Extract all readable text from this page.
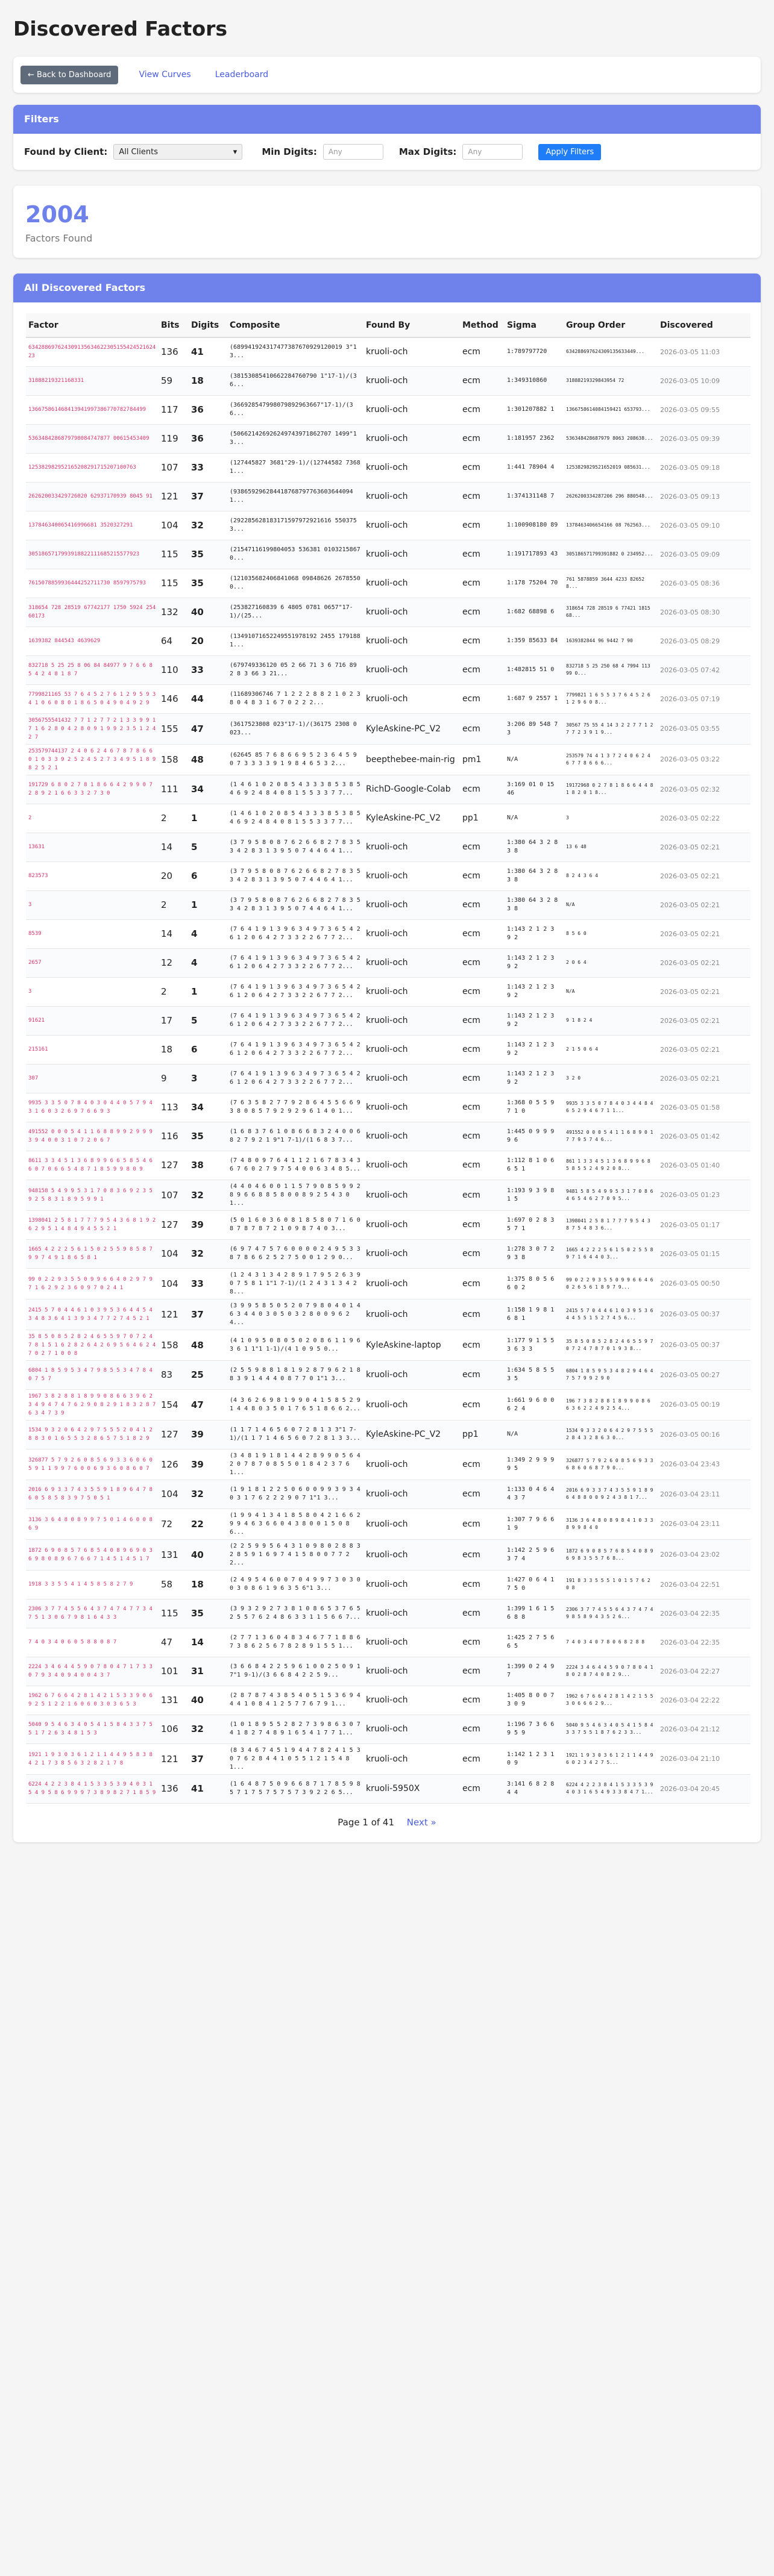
Discovered Factors
← Back to Dashboard	View Curves	Leaderboard
Filters
Found by Client: All Clients	▾	Min Digits:	Any	Max Digits:	Any	Apply Filters
2004
Factors Found
All Discovered Factors
Factor	Bits	Digits	Composite	Found By	Method	Sigma	Group Order	Discovered
63428869762430913563462230515542452162423	136	41	(689941924317477387670929120019 3"13...	kruoli-och	ecm	1:789797720	634288697624309135633449...	2026-03-05 11:03
31888219321168331	59	18	(38153085410662284760790 1"17-1)/(36...	kruoli-och	ecm	1:349310860	31888219329843954 72	2026-03-05 10:09
136675861468413941997386770782784499	117	36	(366928547998079892963667"17-1)/(36...	kruoli-och	ecm	1:301207882 1	1366758614084159421 653793...	2026-03-05 09:55
5363484286879798084747877 00615453409	119	36	(506621426926249743971862707 1499"13...	kruoli-och	ecm	1:181957 2362	536348428687979 8063 208638...	2026-03-05 09:39
125382982952165208291715207100763	107	33	(127445827 3681"29-1)/(12744582 73681...	kruoli-och	ecm	1:441 78904 4	1253829829521652019 085631...	2026-03-05 09:18
262620033429726020 62937170939 8045 91	121	37	(9386592962844187687977636036440941...	kruoli-och	ecm	1:374131148 7	2626200334287206 296 880548...	2026-03-05 09:13
137846340065416996681 3520327291	104	32	(292285628183171597972921616 5503753...	kruoli-och	ecm	1:100908180 89	1378463406654166 08 762563...	2026-03-05 09:10
3051865717993918822111685215577923	115	35	(21547116199804053 536381 01032158670...	kruoli-och	ecm	1:191717893 43	305186571799391882 0 234952...	2026-03-05 09:09
7615078859936444252711730 8597975793	115	35	(121035682406841068 09848626 26785500...	kruoli-och	ecm	1:178 75204 70	761 5878859 3644 4233 826528...	2026-03-05 08:36
318654 728 28519 67742177 1750 5924 25460173	132	40	(253827160839 6 4805 0781 0657"17-1)/(25...	kruoli-och	ecm	1:682 68898 6	318654 728 28519 6 77421 1815 68...	2026-03-05 08:30
1639382 844543 4639629	64	20	(13491071652249551978192 2455 1791881...	kruoli-och	ecm	1:359 85633 84	1639382844 96 9442 7 90	2026-03-05 08:29
832718 5 25 25 8 06 84 84977 9 7 6 6 8 5 4 2 4 8 1 8 7	110	33	(679749336120 05 2 66 71 3 6 716 89 2 8 3 66 3 21...	kruoli-och	ecm	1:482815 51 0	832718 5 25 250 68 4 7994 113 99 0...	2026-03-05 07:42
7799821165 53 7 6 4 5 2 7 6 1 2 9 5 9 3 4 1 0 6 0 8 0 1 8 6 5 0 4 9 0 4 9 2 9	146	44	(11689306746 7 1 2 2 2 8 8 2 1 0 2 3 8 0 4 8 3 1 6 7 0 2 2 2...	kruoli-och	ecm	1:687 9 2557 1	7799821 1 6 5 5 3 7 6 4 5 2 6 1 2 9 6 0 8...	2026-03-05 07:19
3056755541432 7 7 1 2 7 7 2 1 3 3 9 9 1 7 1 6 2 8 0 4 2 8 0 9 1 9 9 2 3 5 1 2 4 2 7	155	47	(3617523808 023"17-1)/(36175 2308 0 023...	KyleAskine-PC_V2	ecm	3:206 89 548 73	30567 75 55 4 14 3 2 2 7 7 1 2 7 7 2 3 9 1 9...	2026-03-05 03:55
253579744137 2 4 0 6 2 4 6 7 8 7 8 6 6 0 1 0 3 3 9 2 5 2 4 5 2 7 3 4 9 5 1 8 9 8 2 5 2 1	158	48	(62645 85 7 6 8 6 6 9 5 2 3 6 4 5 9 0 7 3 3 3 3 9 1 9 8 4 6 5 3 2...	beepthebee-main-rig	pm1	N/A	253579 74 4 1 3 7 2 4 0 6 2 4 6 7 7 8 6 6 6...	2026-03-05 03:22
191729 6 8 0 2 7 8 1 8 6 6 4 2 9 9 0 7 2 8 9 2 1 6 6 3 3 2 7 3 0	111	34	(1 4 6 1 0 2 0 8 5 4 3 3 3 8 5 3 8 5 4 6 9 2 4 8 4 0 8 1 5 5 3 3 7 7...	RichD-Google-Colab	ecm	3:169 01 0 15 46	19172968 0 2 7 8 1 8 6 6 4 4 8 1 8 2 0 1 8...	2026-03-05 02:32
2	2	1	(1 4 6 1 0 2 0 8 5 4 3 3 3 8 5 3 8 5 4 6 9 2 4 8 4 0 8 1 5 5 3 3 7 7...	KyleAskine-PC_V2	pp1	N/A	3	2026-03-05 02:22
13631	14	5	(3 7 9 5 8 0 8 7 6 2 6 6 8 2 7 8 3 5 3 4 2 8 3 1 3 9 5 0 7 4 4 6 4 1...	kruoli-och	ecm	1:380 64 3 2 8 3 8	13 6 48	2026-03-05 02:21
823573	20	6	(3 7 9 5 8 0 8 7 6 2 6 6 8 2 7 8 3 5 3 4 2 8 3 1 3 9 5 0 7 4 4 6 4 1...	kruoli-och	ecm	1:380 64 3 2 8 3 8	8 2 4 3 6 4	2026-03-05 02:21
3	2	1	(3 7 9 5 8 0 8 7 6 2 6 6 8 2 7 8 3 5 3 4 2 8 3 1 3 9 5 0 7 4 4 6 4 1...	kruoli-och	ecm	1:380 64 3 2 8 3 8	N/A	2026-03-05 02:21
8539	14	4	(7 6 4 1 9 1 3 9 6 3 4 9 7 3 6 5 4 2 6 1 2 0 6 4 2 7 3 3 2 2 6 7 7 2...	kruoli-och	ecm	1:143 2 1 2 3 9 2	8 5 6 0	2026-03-05 02:21
2657	12	4	(7 6 4 1 9 1 3 9 6 3 4 9 7 3 6 5 4 2 6 1 2 0 6 4 2 7 3 3 2 2 6 7 7 2...	kruoli-och	ecm	1:143 2 1 2 3 9 2	2 0 6 4	2026-03-05 02:21
3	2	1	(7 6 4 1 9 1 3 9 6 3 4 9 7 3 6 5 4 2 6 1 2 0 6 4 2 7 3 3 2 2 6 7 7 2...	kruoli-och	ecm	1:143 2 1 2 3 9 2	N/A	2026-03-05 02:21
91621	17	5	(7 6 4 1 9 1 3 9 6 3 4 9 7 3 6 5 4 2 6 1 2 0 6 4 2 7 3 3 2 2 6 7 7 2...	kruoli-och	ecm	1:143 2 1 2 3 9 2	9 1 8 2 4	2026-03-05 02:21
215161	18	6	(7 6 4 1 9 1 3 9 6 3 4 9 7 3 6 5 4 2 6 1 2 0 6 4 2 7 3 3 2 2 6 7 7 2...	kruoli-och	ecm	1:143 2 1 2 3 9 2	2 1 5 0 6 4	2026-03-05 02:21
307	9	3	(7 6 4 1 9 1 3 9 6 3 4 9 7 3 6 5 4 2 6 1 2 0 6 4 2 7 3 3 2 2 6 7 7 2...	kruoli-och	ecm	1:143 2 1 2 3 9 2	3 2 0	2026-03-05 02:21
9935 3 3 5 0 7 8 4 0 3 0 4 4 0 5 7 9 4 3 1 6 0 3 2 6 9 7 6 6 9 3	113	34	(7 6 3 5 8 2 7 7 9 2 8 6 4 5 5 6 6 9 3 8 0 8 5 7 9 2 9 2 9 6 1 4 0 1...	kruoli-och	ecm	1:368 0 5 5 9 7 1 0	9935 3 3 5 0 7 8 4 0 3 4 4 8 4 6 5 2 9 4 6 7 1 1...	2026-03-05 01:58
491552 0 0 0 5 4 1 1 6 8 8 9 9 2 9 9 9 3 9 4 0 0 3 1 0 7 2 0 6 7	116	35	(1 6 8 3 7 6 1 0 8 6 6 8 3 2 4 0 0 6 8 2 7 9 2 1 9"1 7-1)/(1 6 8 3 7...	kruoli-och	ecm	1:445 0 9 9 9 9 6	491552 0 0 0 5 4 1 1 6 8 9 0 1 7 7 9 5 7 4 6...	2026-03-05 01:42
8611 3 3 4 5 1 3 6 8 9 9 6 6 5 8 5 4 6 6 0 7 0 6 6 5 4 8 7 1 8 5 9 9 8 0 9	127	38	(7 4 8 0 9 7 6 4 1 1 2 1 6 7 8 3 4 3 6 7 6 0 2 7 9 7 5 4 0 0 6 3 4 8 5...	kruoli-och	ecm	1:112 8 1 0 6 6 5 1	861 1 3 3 4 5 1 3 6 8 9 9 6 8 5 8 5 5 2 4 9 2 0 8...	2026-03-05 01:40
948158 5 4 9 9 5 3 1 7 0 8 3 6 9 2 3 5 9 2 5 8 3 1 8 9 5 9 9 1	107	32	(4 4 0 4 6 0 0 1 1 5 7 9 0 8 5 9 9 2 8 9 6 6 8 8 5 8 0 0 8 9 2 5 4 3 0 1...	kruoli-och	ecm	1:193 9 3 9 8 1 5	9481 5 8 5 4 9 9 5 3 1 7 0 8 6 4 6 5 4 6 2 7 0 9 5...	2026-03-05 01:23
1398041 2 5 8 1 7 7 7 9 5 4 3 6 8 1 9 2 6 2 9 5 1 4 8 4 9 4 5 5 2 1	127	39	(5 0 1 6 0 3 6 0 8 1 8 5 8 0 7 1 6 0 8 7 8 7 8 7 2 1 0 9 8 7 4 0 3...	kruoli-och	ecm	1:697 0 2 8 3 5 7 1	1398041 2 5 8 1 7 7 7 9 5 4 3 8 7 5 4 8 3 6...	2026-03-05 01:17
1665 4 2 2 2 5 6 1 5 0 2 5 5 9 8 5 8 7 9 9 7 4 9 1 8 6 5 8 1	104	32	(6 9 7 4 7 5 7 6 0 0 0 0 2 4 9 5 3 3 8 7 8 6 6 2 5 2 7 5 0 0 1 2 9 0...	kruoli-och	ecm	1:278 3 0 7 2 9 3 8	1665 4 2 2 2 5 6 1 5 0 2 5 5 8 9 7 1 6 4 4 0 3...	2026-03-05 01:15
99 0 2 2 9 3 5 5 0 9 9 6 6 4 0 2 9 7 9 7 1 6 2 9 2 3 6 0 9 7 0 2 4 1	104	33	(1 2 4 3 1 3 4 2 8 9 1 7 9 5 2 6 3 9 0 7 5 8 1 1"1 7-1)/(1 2 4 3 1 3 4 2 8...	kruoli-och	ecm	1:375 8 0 5 6 6 0 2	99 0 2 2 9 3 5 5 0 9 9 6 6 4 6 0 2 6 5 6 1 8 9 7 9...	2026-03-05 00:50
2415 5 7 0 4 4 6 1 0 3 9 5 3 6 4 4 5 4 3 4 8 3 6 4 1 3 9 3 4 7 7 2 7 4 5 2 1	121	37	(3 9 9 5 8 5 0 5 2 0 7 9 8 0 4 0 1 4 6 3 4 4 0 3 0 5 0 3 2 8 0 0 9 6 2 4...	kruoli-och	ecm	1:158 1 9 8 1 6 8 1	2415 5 7 0 4 4 6 1 0 3 9 5 3 6 4 4 5 5 1 5 2 7 4 5 6...	2026-03-05 00:37
35 8 5 0 8 5 2 8 2 4 6 5 5 9 7 0 7 2 4 7 8 1 5 1 6 2 8 2 6 4 2 6 9 5 6 4 6 2 4 7 0 2 7 1 0 0 8	158	48	(4 1 0 9 5 0 8 0 5 0 2 0 8 6 1 1 9 6 3 6 1 1"1 1-1)/(4 1 0 9 5 0...	KyleAskine-laptop	ecm	1:177 9 1 5 5 3 6 3 3	35 8 5 0 8 5 2 8 2 4 6 5 5 9 7 0 7 2 4 7 8 7 0 1 9 3 8...	2026-03-05 00:37
6804 1 8 5 9 5 3 4 7 9 8 5 5 3 4 7 8 4 0 7 5 7	83	25	(2 5 5 9 8 8 1 8 1 9 2 8 7 9 6 2 1 8 8 3 9 1 4 4 4 0 8 7 7 0 1"1 3...	kruoli-och	ecm	1:634 5 8 5 5 3 5	6804 1 8 5 9 5 3 4 8 2 9 4 6 4 7 5 7 9 9 2 9 0	2026-03-05 00:27
1967 3 8 2 8 8 1 8 9 9 0 8 6 6 3 9 6 2 3 4 9 4 7 4 7 6 2 9 0 8 2 9 1 8 3 2 8 7 6 3 4 7 3 9	154	47	(4 3 6 2 6 9 8 1 9 9 0 4 1 5 8 5 2 9 1 4 4 8 0 3 5 0 1 7 6 5 1 8 6 6 2...	kruoli-och	ecm	1:661 9 6 0 0 6 2 4	196 7 3 8 2 8 8 1 8 9 9 0 8 6 6 3 6 2 2 4 9 2 5 4...	2026-03-05 00:19
1534 9 3 2 0 6 4 2 9 7 5 5 5 2 0 4 1 2 8 8 3 0 1 6 5 5 3 2 8 6 5 7 5 1 8 2 9	127	39	(1 1 7 1 4 6 5 6 0 7 2 8 1 3 3"1 7-1)/(1 1 7 1 4 6 5 6 0 7 2 8 1 3 3...	KyleAskine-PC_V2	pp1	N/A	1534 9 3 3 2 0 6 4 2 9 7 5 5 5 2 8 4 3 2 8 6 3 0...	2026-03-05 00:16
326877 5 7 9 2 6 0 8 5 6 9 3 3 6 0 6 0 5 9 1 1 9 9 7 6 0 0 6 9 3 6 0 8 6 0 7	126	39	(3 4 8 1 9 1 8 1 4 4 2 8 9 9 0 5 6 4 2 0 7 8 7 0 8 5 5 0 1 8 4 2 3 7 6 1...	kruoli-och	ecm	1:349 2 9 9 9 9 5	326877 5 7 9 2 6 0 8 5 6 9 3 3 6 8 6 0 6 8 7 9 0...	2026-03-04 23:43
2016 6 9 3 3 7 4 3 5 5 9 1 8 9 6 4 7 8 6 0 5 8 5 8 3 9 7 5 0 5 1	104	32	(1 9 1 8 1 2 2 5 0 6 0 0 9 9 3 9 3 4 0 3 1 7 6 2 2 2 9 0 7 1"1 3...	kruoli-och	ecm	1:133 0 4 6 4 4 3 7	2016 6 9 3 3 7 4 3 5 5 9 1 8 9 6 4 8 8 0 0 9 2 4 3 8 1 7...	2026-03-04 23:11
3136 3 6 4 8 0 8 9 9 7 5 0 1 4 6 0 0 8 6 9	72	22	(1 9 9 4 1 3 4 1 8 5 8 0 4 2 1 6 6 2 9 9 4 6 3 6 6 0 4 3 8 0 0 1 5 0 8 6...	kruoli-och	ecm	1:307 7 9 6 6 1 9	3136 3 6 4 8 0 8 9 8 4 1 0 3 3 8 9 9 8 4 0	2026-03-04 23:11
1872 6 9 0 8 5 7 6 8 5 4 0 8 9 6 9 0 3 6 9 8 0 8 9 6 7 6 6 7 1 4 5 1 4 5 1 7	131	40	(2 2 5 9 9 5 6 4 3 1 0 9 8 0 2 8 8 3 2 8 5 9 1 6 9 7 4 1 5 8 0 0 7 7 2 2...	kruoli-och	ecm	1:142 2 5 9 6 3 7 4	1872 6 9 0 8 5 7 6 8 5 4 0 8 9 6 9 8 3 5 5 7 6 8...	2026-03-04 23:02
1918 3 3 5 5 4 1 4 5 8 5 8 2 7 9	58	18	(2 4 9 5 4 6 0 0 7 0 4 9 9 7 3 0 3 0 0 3 0 8 6 1 9 6 3 5 6"1 3...	kruoli-och	ecm	1:427 0 6 4 1 7 5 0	191 8 3 3 5 5 5 1 0 1 5 7 6 2 0 8	2026-03-04 22:51
2306 3 7 7 4 5 5 6 4 3 7 4 7 4 7 7 3 4 7 5 1 3 0 6 7 9 8 1 6 4 3 3	115	35	(3 9 3 2 9 2 7 3 8 1 0 8 6 5 3 7 6 5 2 5 5 7 6 2 4 8 6 3 3 1 1 5 6 6 7...	kruoli-och	ecm	1:399 1 6 1 5 6 8 8	2306 3 7 7 4 5 5 6 4 3 7 4 7 4 9 8 5 8 9 4 3 5 2 6...	2026-03-04 22:35
7 4 0 3 4 0 6 0 5 8 8 0 8 7	47	14	(2 7 7 1 3 6 0 4 8 3 4 6 7 7 1 8 8 6 7 3 8 6 2 5 6 7 8 2 8 9 1 5 5 1...	kruoli-och	ecm	1:425 2 7 5 6 6 5	7 4 0 3 4 0 7 8 0 6 8 2 8 8	2026-03-04 22:35
2224 3 4 6 4 4 5 9 0 7 8 0 4 7 1 7 3 3 0 7 9 3 4 0 9 4 0 0 4 3 7	101	31	(3 6 6 8 4 2 2 5 9 6 1 0 0 2 5 0 9 1 7"1 9-1)/(3 6 6 8 4 2 2 5 9...	kruoli-och	ecm	1:399 0 2 4 9 7	2224 3 4 6 4 4 5 9 0 7 8 0 4 1 8 0 2 8 7 4 0 8 2 9...	2026-03-04 22:27
1962 6 7 6 6 4 2 8 1 4 2 1 5 3 3 9 0 6 9 2 5 1 2 2 1 6 0 6 0 3 0 3 6 5 3	131	40	(2 8 7 8 7 4 3 8 5 4 0 5 1 5 3 6 9 4 4 4 1 0 8 4 1 2 5 7 7 6 7 9 1...	kruoli-och	ecm	1:405 8 0 0 7 3 0 9	1962 6 7 6 6 4 2 8 1 4 2 1 5 5 3 0 6 6 6 2 9...	2026-03-04 22:22
5040 9 5 4 6 3 4 0 5 4 1 5 8 4 3 3 7 5 5 1 7 2 6 3 4 8 1 5 3	106	32	(1 0 1 8 9 5 5 2 8 2 7 3 9 8 6 3 0 7 4 1 8 2 7 4 8 9 1 6 5 4 1 7 7 1...	kruoli-och	ecm	1:196 7 3 6 6 9 5 9	5040 9 5 4 6 3 4 0 5 4 1 5 8 4 3 3 7 5 5 1 8 7 6 2 3 3...	2026-03-04 21:12
1921 1 9 3 0 3 6 1 2 1 1 4 4 9 5 8 3 8 4 2 1 7 3 8 5 6 3 2 8 2 1 7 8	121	37	(8 3 4 6 7 4 5 1 9 4 4 7 8 2 4 1 5 3 0 7 6 2 8 4 4 1 0 5 5 1 2 1 5 4 8 1...	kruoli-och	ecm	1:142 1 2 3 1 0 9	1921 1 9 3 0 3 6 1 2 1 1 4 4 9 6 0 2 3 4 2 7 5...	2026-03-04 21:10
6224 4 2 2 3 8 4 1 5 3 3 5 3 9 4 0 3 1 5 4 9 5 8 6 9 9 9 7 3 8 9 8 2 7 1 8 5 9	136	41	(1 6 4 8 7 5 0 9 6 6 8 7 1 7 8 5 9 8 5 7 1 7 5 7 5 7 5 7 3 9 2 2 6 5...	kruoli-5950X	ecm	3:141 6 8 2 8 4 4	6224 4 2 2 3 8 4 1 5 3 3 5 3 9 4 0 3 1 6 5 4 9 3 3 8 4 7 1...	2026-03-04 20:45
Page 1 of 41 Next »
